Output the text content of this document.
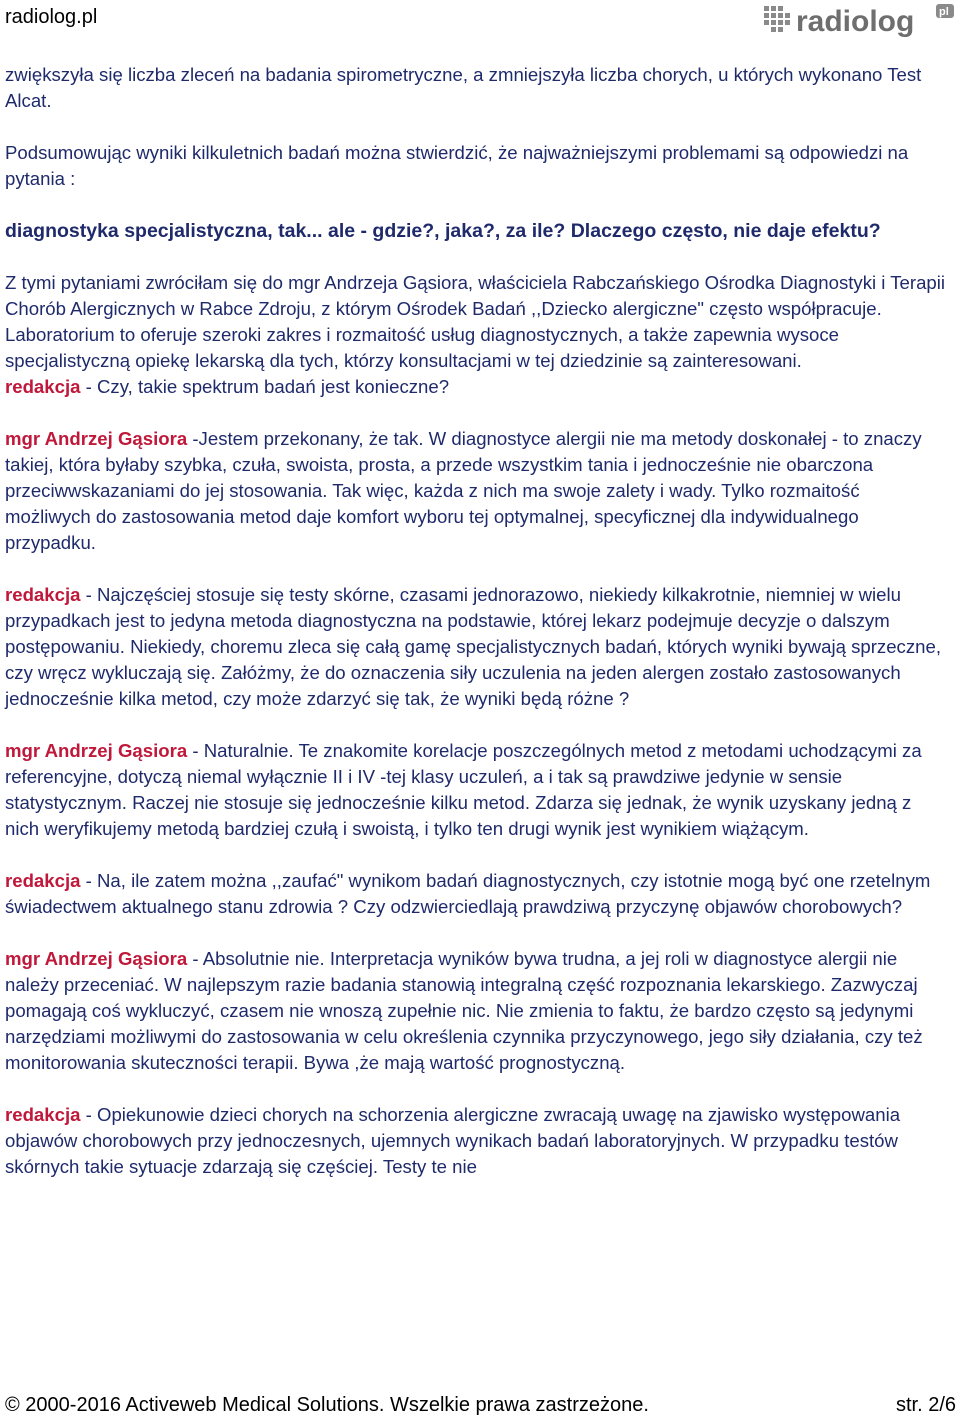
radiolog.pl	radiolog pl

zwiększyła się liczba zleceń na badania spirometryczne, a zmniejszyła liczba chorych, u których wykonano Test Alcat.

Podsumowując wyniki kilkuletnich badań można stwierdzić, że najważniejszymi problemami są odpowiedzi na pytania :

diagnostyka specjalistyczna, tak... ale - gdzie?, jaka?, za ile? Dlaczego często, nie daje efektu?

Z tymi pytaniami zwróciłam się do mgr Andrzeja Gąsiora, właściciela Rabczańskiego Ośrodka Diagnostyki i Terapii Chorób Alergicznych w Rabce Zdroju, z którym Ośrodek Badań ,,Dziecko alergiczne" często współpracuje. Laboratorium to oferuje szeroki zakres i rozmaitość usług diagnostycznych, a także zapewnia wysoce specjalistyczną opiekę lekarską dla tych, którzy konsultacjami w tej dziedzinie są zainteresowani.

redakcja - Czy, takie spektrum badań jest konieczne?

mgr Andrzej Gąsiora -Jestem przekonany, że tak. W diagnostyce alergii nie ma metody doskonałej - to znaczy takiej, która byłaby szybka, czuła, swoista, prosta, a przede wszystkim tania i jednocześnie nie obarczona przeciwwskazaniami do jej stosowania. Tak więc, każda z nich ma swoje zalety i wady. Tylko rozmaitość możliwych do zastosowania metod daje komfort wyboru tej optymalnej, specyficznej dla indywidualnego przypadku.

redakcja - Najczęściej stosuje się testy skórne, czasami jednorazowo, niekiedy kilkakrotnie, niemniej w wielu przypadkach jest to jedyna metoda diagnostyczna na podstawie, której lekarz podejmuje decyzje o dalszym postępowaniu. Niekiedy, choremu zleca się całą gamę specjalistycznych badań, których wyniki bywają sprzeczne, czy wręcz wykluczają się. Załóżmy, że do oznaczenia siły uczulenia na jeden alergen zostało zastosowanych jednocześnie kilka metod, czy może zdarzyć się tak, że wyniki będą różne ?

mgr Andrzej Gąsiora - Naturalnie. Te znakomite korelacje poszczególnych metod z metodami uchodzącymi za referencyjne, dotyczą niemal wyłącznie II i IV -tej klasy uczuleń, a i tak są prawdziwe jedynie w sensie statystycznym. Raczej nie stosuje się jednocześnie kilku metod. Zdarza się jednak, że wynik uzyskany jedną z nich weryfikujemy metodą bardziej czułą i swoistą, i tylko ten drugi wynik jest wynikiem wiążącym.

redakcja - Na, ile zatem można ,,zaufać" wynikom badań diagnostycznych, czy istotnie mogą być one rzetelnym świadectwem aktualnego stanu zdrowia ? Czy odzwierciedlają prawdziwą przyczynę objawów chorobowych?

mgr Andrzej Gąsiora - Absolutnie nie. Interpretacja wyników bywa trudna, a jej roli w diagnostyce alergii nie należy przeceniać. W najlepszym razie badania stanowią integralną część rozpoznania lekarskiego. Zazwyczaj pomagają coś wykluczyć, czasem nie wnoszą zupełnie nic. Nie zmienia to faktu, że bardzo często są jedynymi narzędziami możliwymi do zastosowania w celu określenia czynnika przyczynowego, jego siły działania, czy też monitorowania skuteczności terapii. Bywa ,że mają wartość prognostyczną.

redakcja - Opiekunowie dzieci chorych na schorzenia alergiczne zwracają uwagę na zjawisko występowania objawów chorobowych przy jednoczesnych, ujemnych wynikach badań laboratoryjnych. W przypadku testów skórnych takie sytuacje zdarzają się częściej. Testy te nie

© 2000-2016 Activeweb Medical Solutions. Wszelkie prawa zastrzeżone.	str. 2/6
